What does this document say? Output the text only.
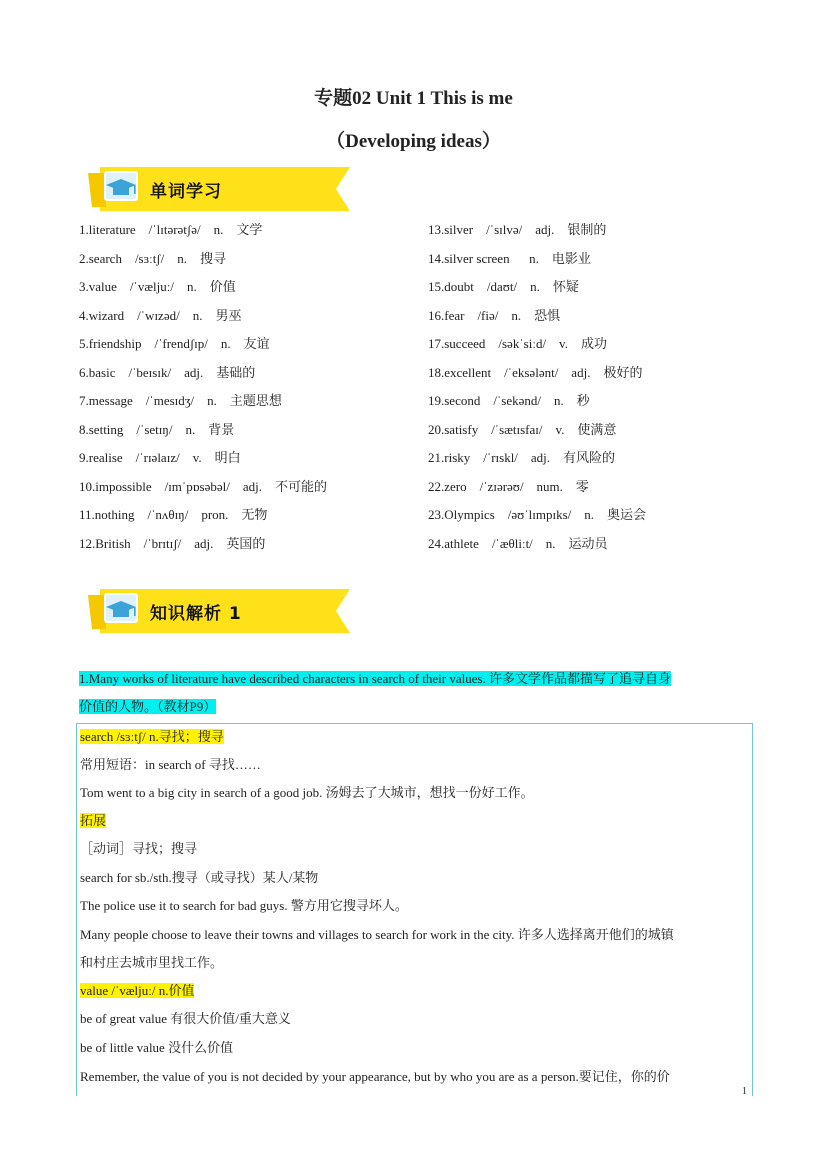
专题02 Unit 1 This is me
（Developing ideas）
单词学习
1.literature    /ˈlɪtərətʃə/    n.    文学
2.search    /sɜːtʃ/    n.    搜寻
3.value    /ˈvæljuː/    n.    价值
4.wizard    /ˈwɪzəd/    n.    男巫
5.friendship    /ˈfrendʃɪp/    n.    友谊
6.basic    /ˈbeɪsɪk/    adj.    基础的
7.message    /ˈmesɪdʒ/    n.    主题思想
8.setting    /ˈsetɪŋ/    n.    背景
9.realise    /ˈrɪəlaɪz/    v.    明白
10.impossible    /ɪmˈpɒsəbəl/    adj.    不可能的
11.nothing    /ˈnʌθɪŋ/    pron.    无物
12.British    /ˈbrɪtɪʃ/    adj.    英国的
13.silver    /ˈsɪlvə/    adj.    银制的
14.silver screen      n.    电影业
15.doubt    /daʊt/    n.    怀疑
16.fear    /fiə/    n.    恐惧
17.succeed    /səkˈsiːd/    v.    成功
18.excellent    /ˈeksələnt/    adj.    极好的
19.second    /ˈsekənd/    n.    秒
20.satisfy    /ˈsætɪsfaɪ/    v.    使满意
21.risky    /ˈrɪskl/    adj.    有风险的
22.zero    /ˈzɪərəʊ/    num.    零
23.Olympics    /əʊˈlɪmpɪks/    n.    奥运会
24.athlete    /ˈæθliːt/    n.    运动员
知识解析 1
1.Many works of literature have described characters in search of their values. 许多文学作品都描写了追寻自身
价值的人物。（教材P9）
search /sɜːtʃ/ n.寻找；搜寻
常用短语：in search of 寻找……
Tom went to a big city in search of a good job. 汤姆去了大城市，想找一份好工作。
拓展
［动词］寻找；搜寻
search for sb./sth.搜寻（或寻找）某人/某物
The police use it to search for bad guys. 警方用它搜寻坏人。
Many people choose to leave their towns and villages to search for work in the city. 许多人选择离开他们的城镇
和村庄去城市里找工作。
value /ˈvæljuː/ n.价值
be of great value 有很大价值/重大意义
be of little value 没什么价值
Remember, the value of you is not decided by your appearance, but by who you are as a person.要记住，你的价
1
